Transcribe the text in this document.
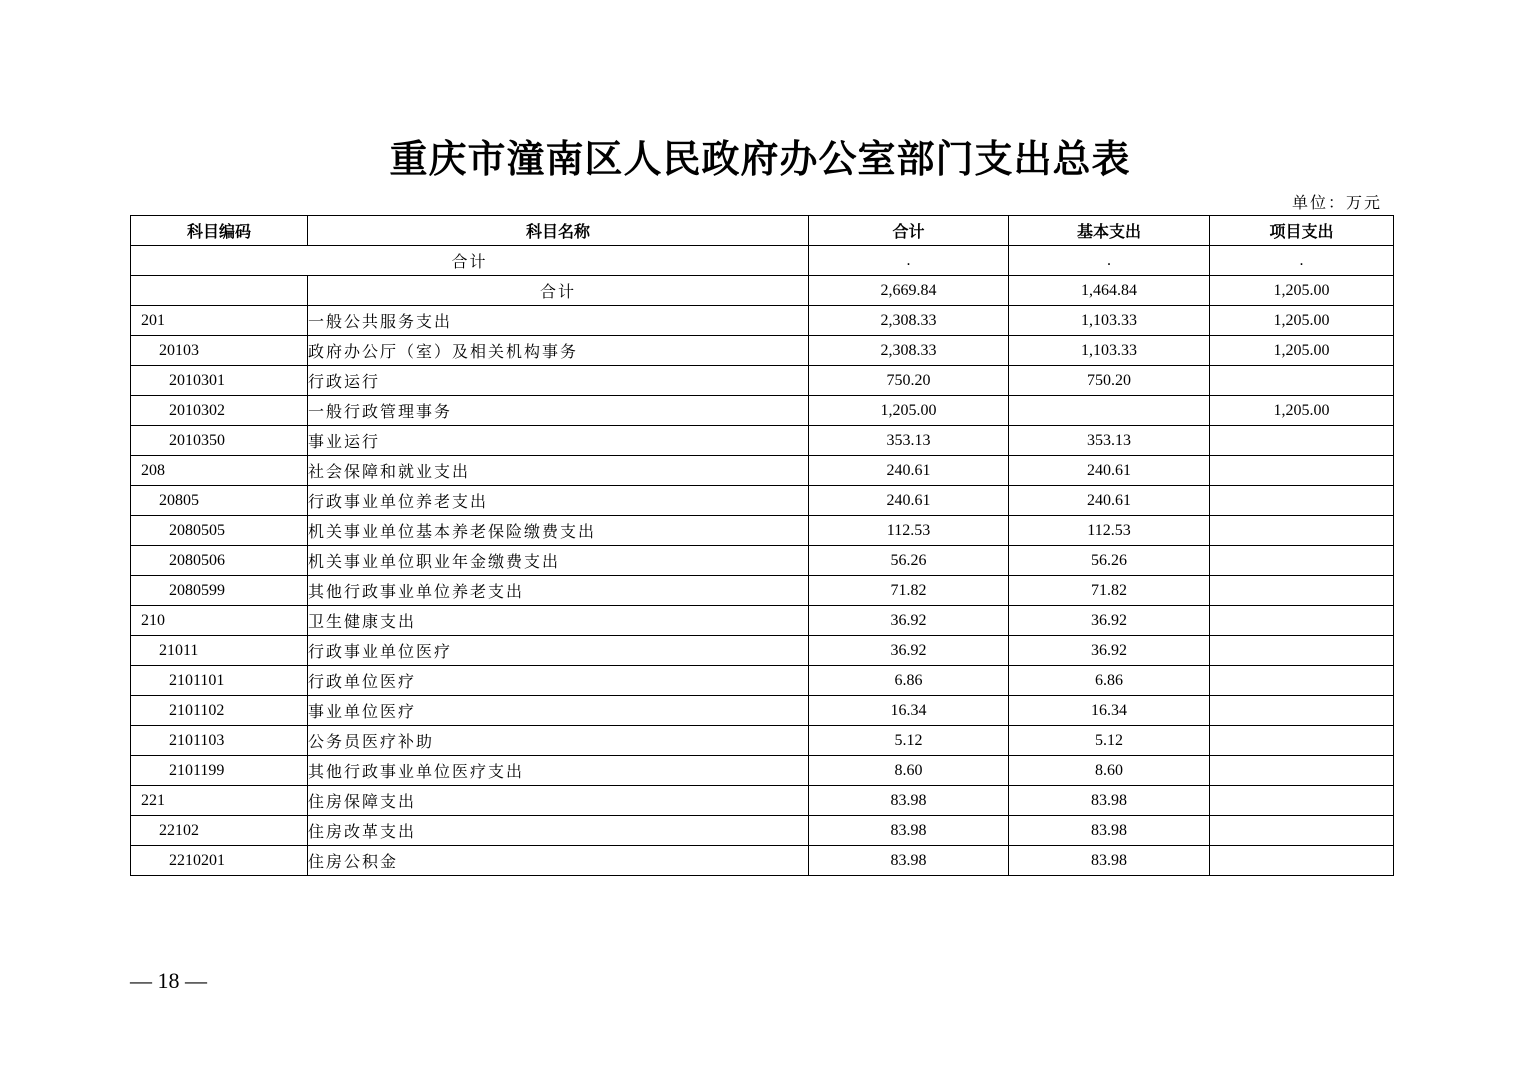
重庆市潼南区人民政府办公室部门支出总表
单位：万元
科目编码	科目名称	合计	基本支出	项目支出
合计		.	.	.
	合计	2,669.84	1,464.84	1,205.00
201	一般公共服务支出	2,308.33	1,103.33	1,205.00
20103	政府办公厅（室）及相关机构事务	2,308.33	1,103.33	1,205.00
2010301	行政运行	750.20	750.20	
2010302	一般行政管理事务	1,205.00		1,205.00
2010350	事业运行	353.13	353.13	
208	社会保障和就业支出	240.61	240.61	
20805	行政事业单位养老支出	240.61	240.61	
2080505	机关事业单位基本养老保险缴费支出	112.53	112.53	
2080506	机关事业单位职业年金缴费支出	56.26	56.26	
2080599	其他行政事业单位养老支出	71.82	71.82	
210	卫生健康支出	36.92	36.92	
21011	行政事业单位医疗	36.92	36.92	
2101101	行政单位医疗	6.86	6.86	
2101102	事业单位医疗	16.34	16.34	
2101103	公务员医疗补助	5.12	5.12	
2101199	其他行政事业单位医疗支出	8.60	8.60	
221	住房保障支出	83.98	83.98	
22102	住房改革支出	83.98	83.98	
2210201	住房公积金	83.98	83.98	
— 18 —
